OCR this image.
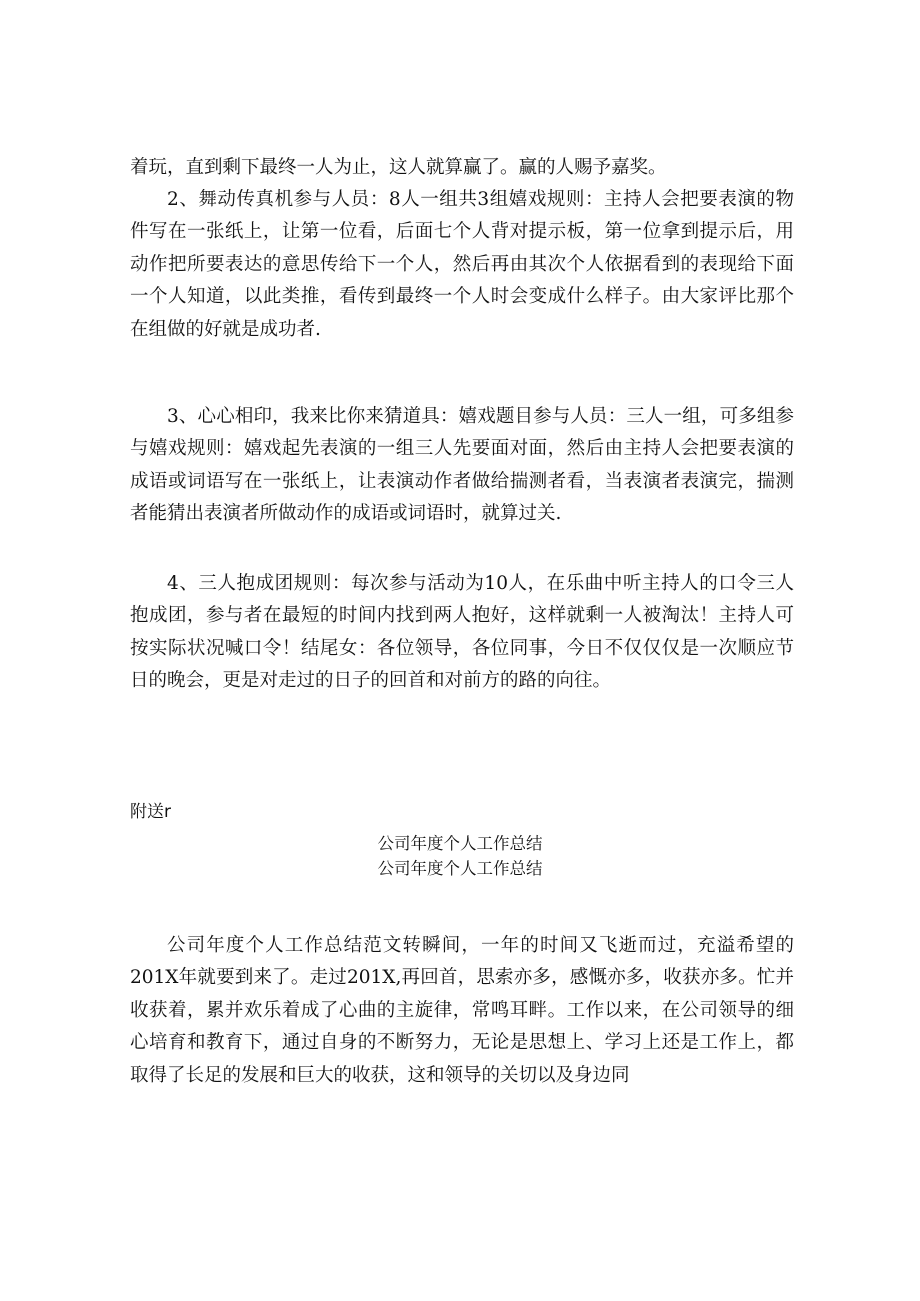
着玩，直到剩下最终一人为止，这人就算赢了。赢的人赐予嘉奖。

2、舞动传真机参与人员：8人一组共3组嬉戏规则：主持人会把要表演的物件写在一张纸上，让第一位看，后面七个人背对提示板，第一位拿到提示后，用动作把所要表达的意思传给下一个人，然后再由其次个人依据看到的表现给下面一个人知道，以此类推，看传到最终一个人时会变成什么样子。由大家评比那个在组做的好就是成功者.

3、心心相印，我来比你来猜道具：嬉戏题目参与人员：三人一组，可多组参与嬉戏规则：嬉戏起先表演的一组三人先要面对面，然后由主持人会把要表演的成语或词语写在一张纸上，让表演动作者做给揣测者看，当表演者表演完，揣测者能猜出表演者所做动作的成语或词语时，就算过关.

4、三人抱成团规则：每次参与活动为10人，在乐曲中听主持人的口令三人抱成团，参与者在最短的时间内找到两人抱好，这样就剩一人被淘汰！主持人可按实际状况喊口令！结尾女：各位领导，各位同事，今日不仅仅仅是一次顺应节日的晚会，更是对走过的日子的回首和对前方的路的向往。

附送r
公司年度个人工作总结
公司年度个人工作总结

公司年度个人工作总结范文转瞬间，一年的时间又飞逝而过，充溢希望的201X年就要到来了。走过201X,再回首，思索亦多，感慨亦多，收获亦多。忙并收获着，累并欢乐着成了心曲的主旋律，常鸣耳畔。工作以来，在公司领导的细心培育和教育下，通过自身的不断努力，无论是思想上、学习上还是工作上，都取得了长足的发展和巨大的收获，这和领导的关切以及身边同
